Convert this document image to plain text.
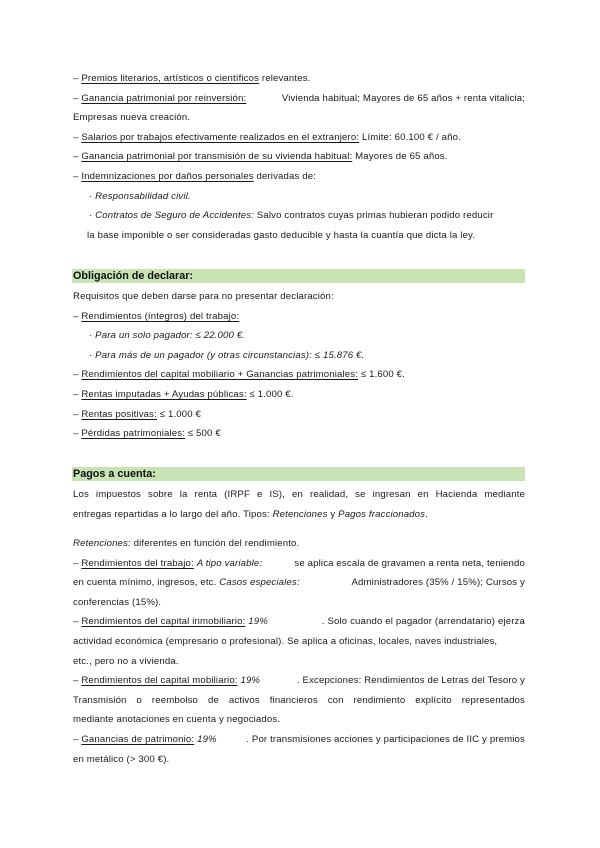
– Premios literarios, artísticos o científicos relevantes.
– Ganancia patrimonial por reinversión:	Vivienda habitual; Mayores de 65 años + renta vitalicia;
Empresas nueva creación.
– Salarios por trabajos efectivamente realizados en el extranjero: Límite: 60.100 € / año.
– Ganancia patrimonial por transmisión de su vivienda habitual: Mayores de 65 años.
– Indemnizaciones por daños personales derivadas de:
· Responsabilidad civil.
· Contratos de Seguro de Accidentes: Salvo contratos cuyas primas hubieran podido reducir
la base imponible o ser consideradas gasto deducible y hasta la cuantía que dicta la ley.
Obligación de declarar:
Requisitos que deben darse para no presentar declaración:
– Rendimientos (íntegros) del trabajo:
· Para un solo pagador: ≤ 22.000 €.
· Para más de un pagador (y otras circunstancias): ≤ 15.876 €.
– Rendimientos del capital mobiliario + Ganancias patrimoniales: ≤ 1.600 €.
– Rentas imputadas + Ayudas públicas: ≤ 1.000 €.
– Rentas positivas: ≤ 1.000 €
– Pérdidas patrimoniales: ≤ 500 €
Pagos a cuenta:
Los impuestos sobre la renta (IRPF e IS), en realidad, se ingresan en Hacienda mediante
entregas repartidas a lo largo del año. Tipos: Retenciones y Pagos fraccionados.
Retenciones: diferentes en función del rendimiento.
– Rendimientos del trabajo: A tipo variable:	se aplica escala de gravamen a renta neta, teniendo
en cuenta mínimo, ingresos, etc. Casos especiales:	Administradores (35% / 15%); Cursos y
conferencias (15%).
– Rendimientos del capital inmobiliario: 19%	. Solo cuando el pagador (arrendatario) ejerza
actividad económica (empresario o profesional). Se aplica a oficinas, locales, naves industriales,
etc., pero no a vivienda.
– Rendimientos del capital mobiliario: 19%	. Excepciones: Rendimientos de Letras del Tesoro y
Transmisión o reembolso de activos financieros con rendimiento explícito representados
mediante anotaciones en cuenta y negociados.
– Ganancias de patrimonio: 19%	. Por transmisiones acciones y participaciones de IIC y premios
en metálico (> 300 €).
